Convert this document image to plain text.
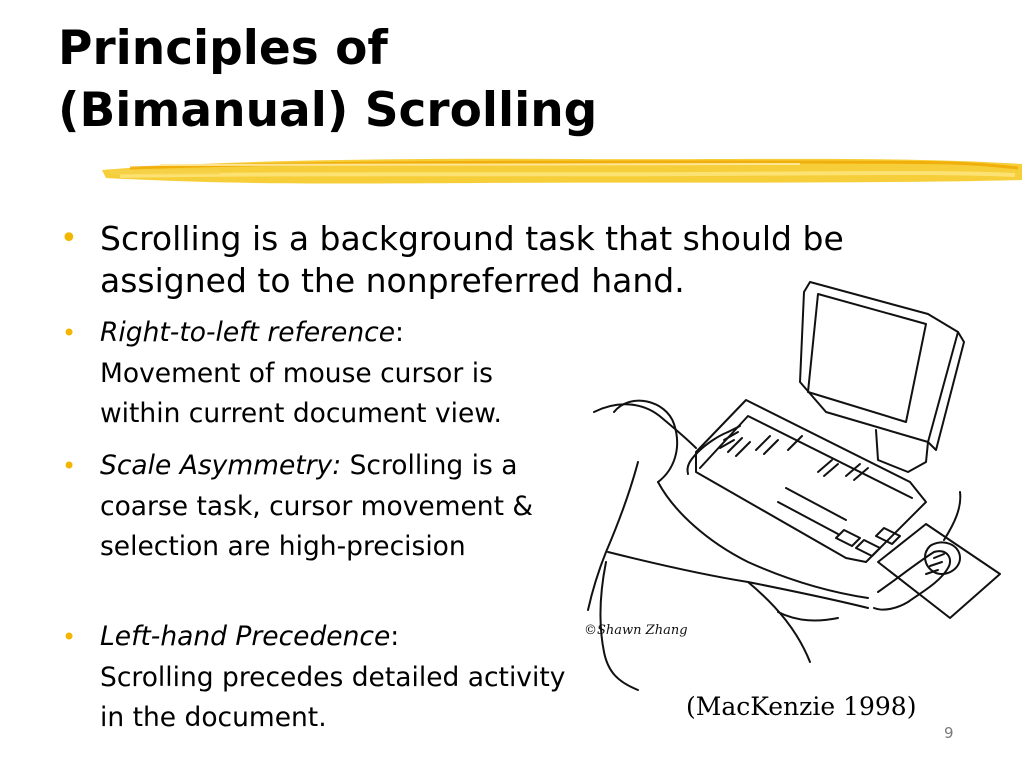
Principles of
(Bimanual) Scrolling
• Scrolling is a background task that should be assigned to the nonpreferred hand.
• Right-to-left reference:
Movement of mouse cursor is within current document view.
• Scale Asymmetry: Scrolling is a coarse task, cursor movement & selection are high-precision
• Left-hand Precedence:
Scrolling precedes detailed activity in the document.
©Shawn Zhang
(MacKenzie 1998)
9
